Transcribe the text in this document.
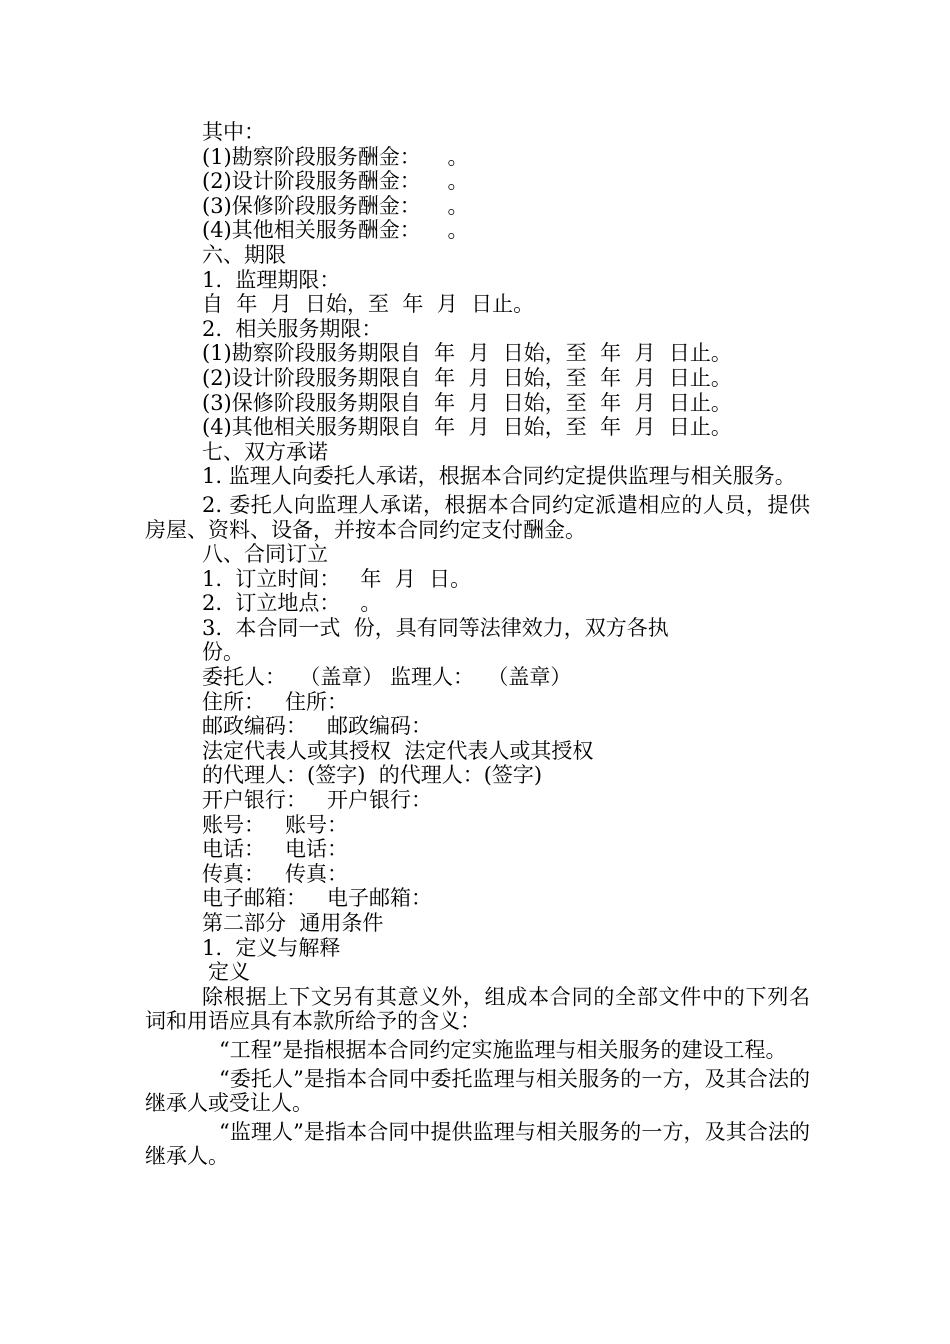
其中：

(1)勘察阶段服务酬金：    。

(2)设计阶段服务酬金：    。

(3)保修阶段服务酬金：    。

(4)其他相关服务酬金：    。

六、期限

1.  监理期限：

自  年  月  日始，至  年  月  日止。

2.  相关服务期限：

(1)勘察阶段服务期限自  年  月  日始，至  年  月  日止。

(2)设计阶段服务期限自  年  月  日始，至  年  月  日止。

(3)保修阶段服务期限自  年  月  日始，至  年  月  日止。

(4)其他相关服务期限自  年  月  日始，至  年  月  日止。

七、双方承诺

1. 监理人向委托人承诺，根据本合同约定提供监理与相关服务。

2. 委托人向监理人承诺，根据本合同约定派遣相应的人员，提供房屋、资料、设备，并按本合同约定支付酬金。

八、合同订立

1.  订立时间：   年  月  日。

2.  订立地点：   。

3.  本合同一式  份，具有同等法律效力，双方各执

份。

委托人：  （盖章） 监理人：  （盖章）

住所：   住所：

邮政编码：   邮政编码：

法定代表人或其授权  法定代表人或其授权

的代理人：(签字)  的代理人：(签字)

开户银行：   开户银行：

账号：   账号：

电话：   电话：

传真：   传真：

电子邮箱：   电子邮箱：

第二部分  通用条件

1.  定义与解释

定义

除根据上下文另有其意义外，组成本合同的全部文件中的下列名词和用语应具有本款所给予的含义：

“工程”是指根据本合同约定实施监理与相关服务的建设工程。

“委托人”是指本合同中委托监理与相关服务的一方，及其合法的继承人或受让人。

“监理人”是指本合同中提供监理与相关服务的一方，及其合法的继承人。
